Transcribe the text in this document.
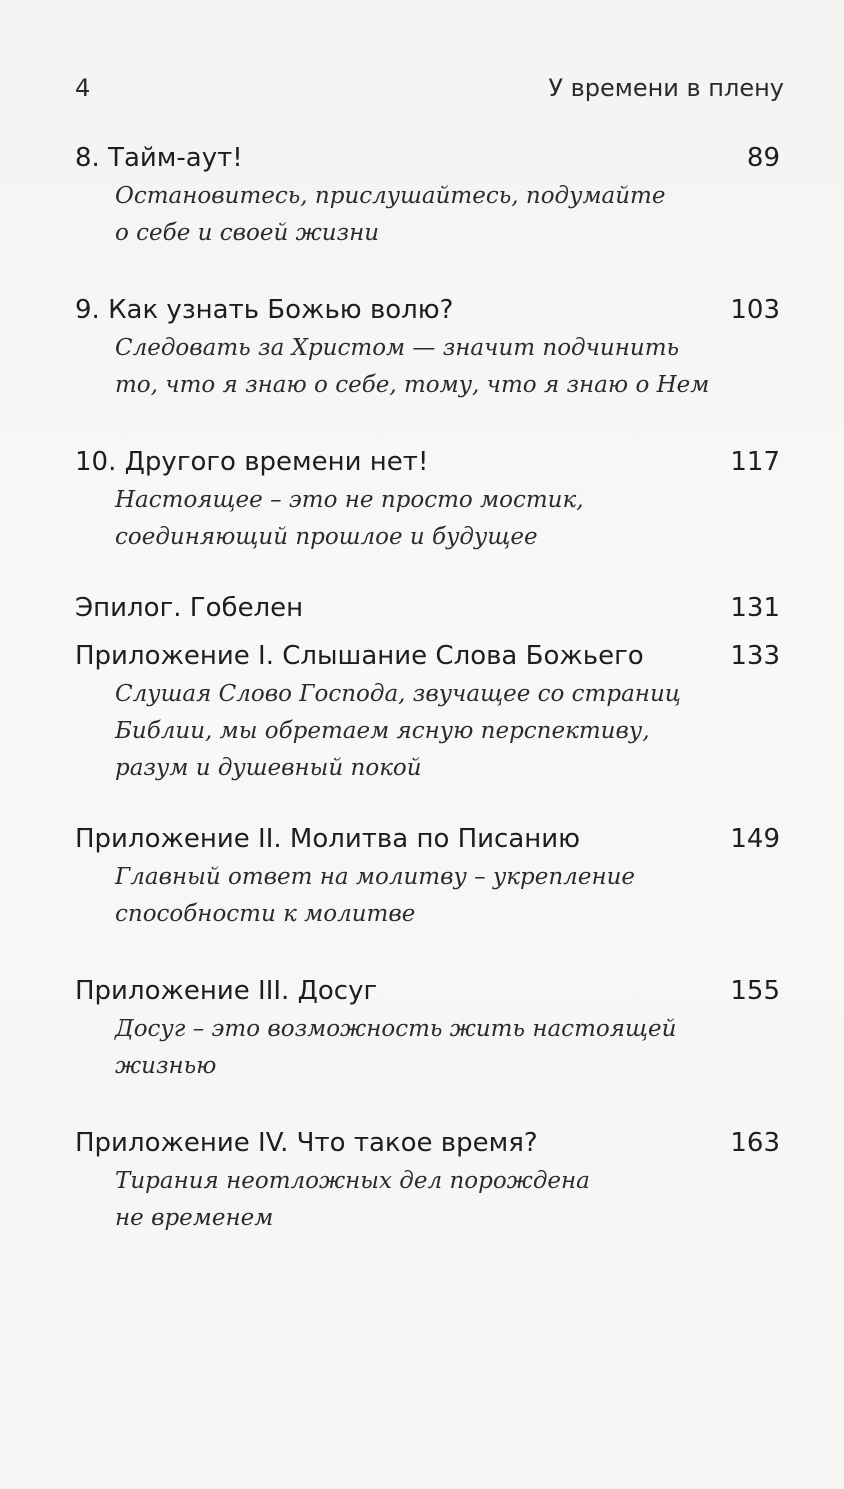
4	У времени в плену
8. Тайм-аут!	89
Остановитесь, прислушайтесь, подумайте
о себе и своей жизни
9. Как узнать Божью волю?	103
Следовать за Христом — значит подчинить
то, что я знаю о себе, тому, что я знаю о Нем
10. Другого времени нет!	117
Настоящее – это не просто мостик,
соединяющий прошлое и будущее
Эпилог. Гобелен	131
Приложение I. Слышание Слова Божьего	133
Слушая Слово Господа, звучащее со страниц
Библии, мы обретаем ясную перспективу,
разум и душевный покой
Приложение II. Молитва по Писанию	149
Главный ответ на молитву – укрепление
способности к молитве
Приложение III. Досуг	155
Досуг – это возможность жить настоящей
жизнью
Приложение IV. Что такое время?	163
Тирания неотложных дел порождена
не временем
